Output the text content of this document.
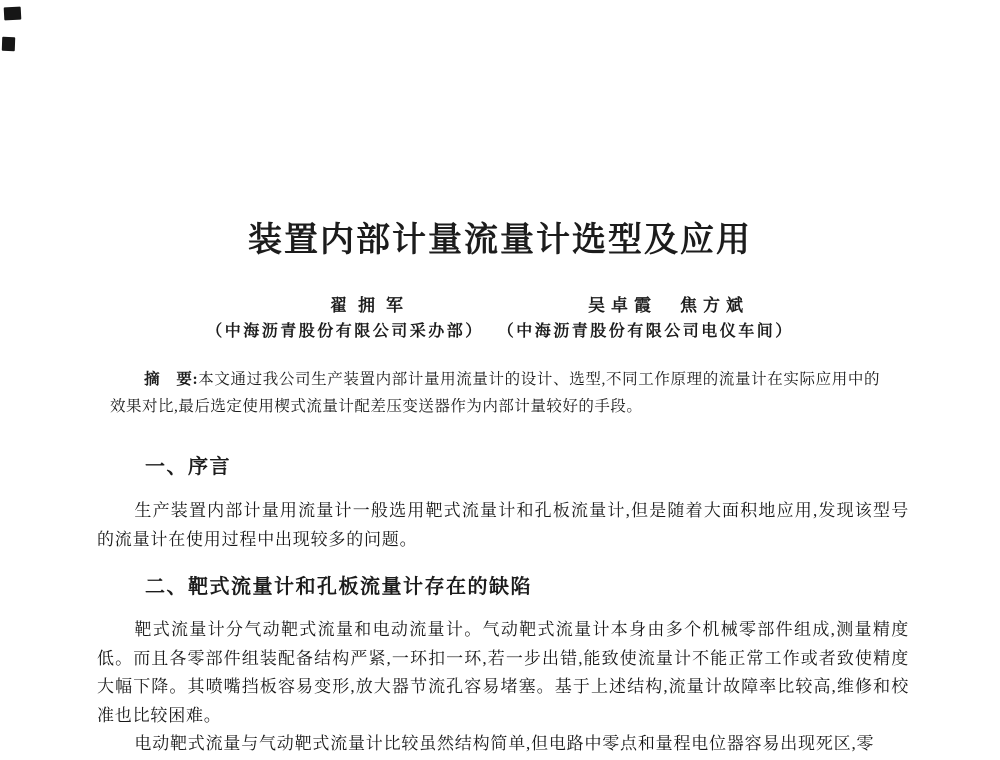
装置内部计量流量计选型及应用
翟拥军	吴卓霞　焦方斌
（中海沥青股份有限公司采办部） （中海沥青股份有限公司电仪车间）

摘　要:本文通过我公司生产装置内部计量用流量计的设计、选型,不同工作原理的流量计在实际应用中的效果对比,最后选定使用楔式流量计配差压变送器作为内部计量较好的手段。

一、序言

生产装置内部计量用流量计一般选用靶式流量计和孔板流量计,但是随着大面积地应用,发现该型号的流量计在使用过程中出现较多的问题。

二、靶式流量计和孔板流量计存在的缺陷

靶式流量计分气动靶式流量和电动流量计。气动靶式流量计本身由多个机械零部件组成,测量精度低。而且各零部件组装配备结构严紧,一环扣一环,若一步出错,能致使流量计不能正常工作或者致使精度大幅下降。其喷嘴挡板容易变形,放大器节流孔容易堵塞。基于上述结构,流量计故障率比较高,维修和校准也比较困难。

电动靶式流量与气动靶式流量计比较虽然结构简单,但电路中零点和量程电位器容易出现死区,零
